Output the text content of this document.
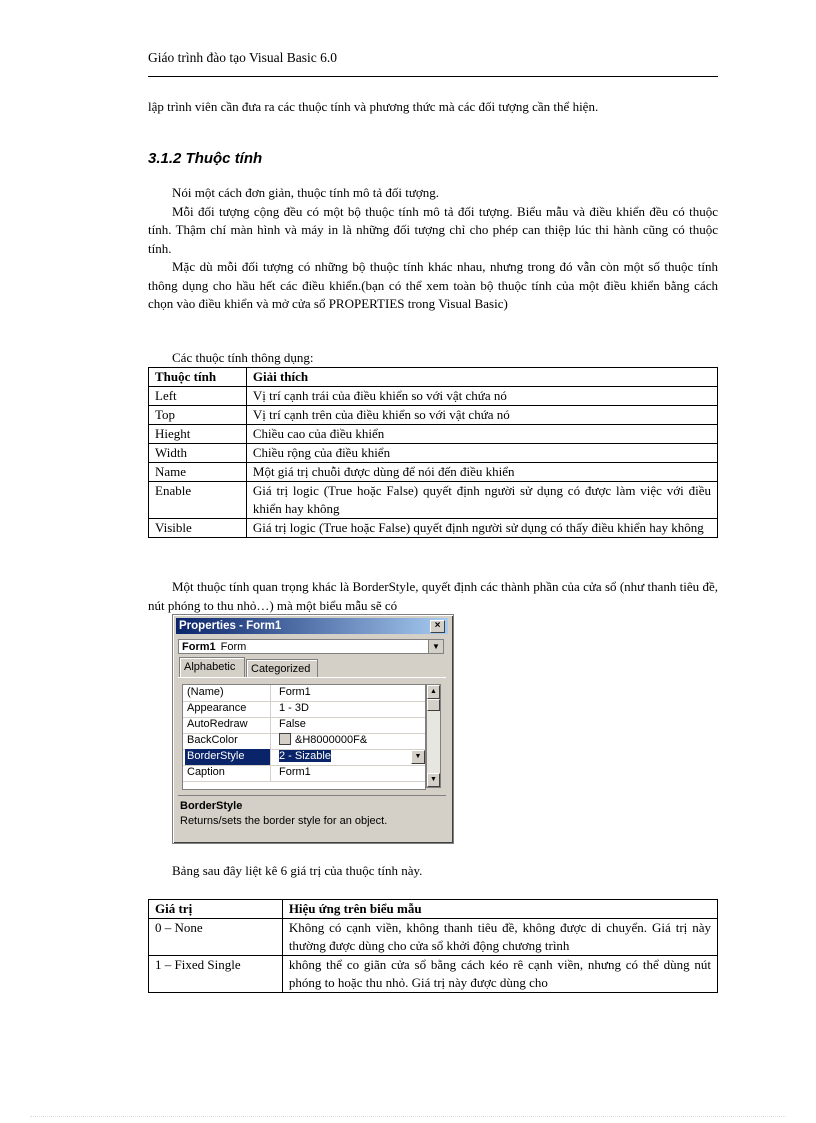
Giáo trình đào tạo Visual Basic 6.0
lập trình viên cần đưa ra các thuộc tính và phương thức mà các đối tượng cần thể hiện.
3.1.2 Thuộc tính

Nói một cách đơn giản, thuộc tính mô tả đối tượng.

Mỗi đối tượng cộng đều có một bộ thuộc tính mô tả đối tượng. Biểu mẫu và điều khiển đều có thuộc tính. Thậm chí màn hình và máy in là những đối tượng chỉ cho phép can thiệp lúc thi hành cũng có thuộc tính.

Mặc dù mỗi đối tượng có những bộ thuộc tính khác nhau, nhưng trong đó vẫn còn một số thuộc tính thông dụng cho hầu hết các điều khiển.(bạn có thể xem toàn bộ thuộc tính của một điều khiển bằng cách chọn vào điều khiển và mở cửa sổ PROPERTIES trong Visual Basic)

Các thuộc tính thông dụng:
Thuộc tính	Giải thích
Left	Vị trí cạnh trái của điều khiển so với vật chứa nó
Top	Vị trí cạnh trên của điều khiển so với vật chứa nó
Hieght	Chiều cao của điều khiển
Width	Chiều rộng của điều khiển
Name	Một giá trị chuỗi được dùng để nói đến điều khiển
Enable	Giá trị logic (True hoặc False) quyết định người sử dụng có được làm việc với điều khiển hay không
Visible	Giá trị logic (True hoặc False) quyết định người sử dụng có thấy điều khiển hay không

Một thuộc tính quan trọng khác là BorderStyle, quyết định các thành phần của cửa sổ (như thanh tiêu đề, nút phóng to thu nhỏ…) mà một biểu mẫu sẽ có

Properties - Form1	×
Form1 Form	▼
Alphabetic	Categorized
(Name)	Form1
Appearance	1 - 3D
AutoRedraw	False
BackColor	&H8000000F&
BorderStyle	2 - Sizable	▼
Caption	Form1
▲
▼
BorderStyle
Returns/sets the border style for an object.
Bảng sau đây liệt kê 6 giá trị của thuộc tính này.
Giá trị	Hiệu ứng trên biểu mẫu
0 – None	Không có cạnh viền, không thanh tiêu đề, không được di chuyển. Giá trị này thường được dùng cho cửa sổ khởi động chương trình
1 – Fixed Single	không thể co giãn cửa sổ bằng cách kéo rê cạnh viền, nhưng có thể dùng nút phóng to hoặc thu nhỏ. Giá trị này được dùng cho
